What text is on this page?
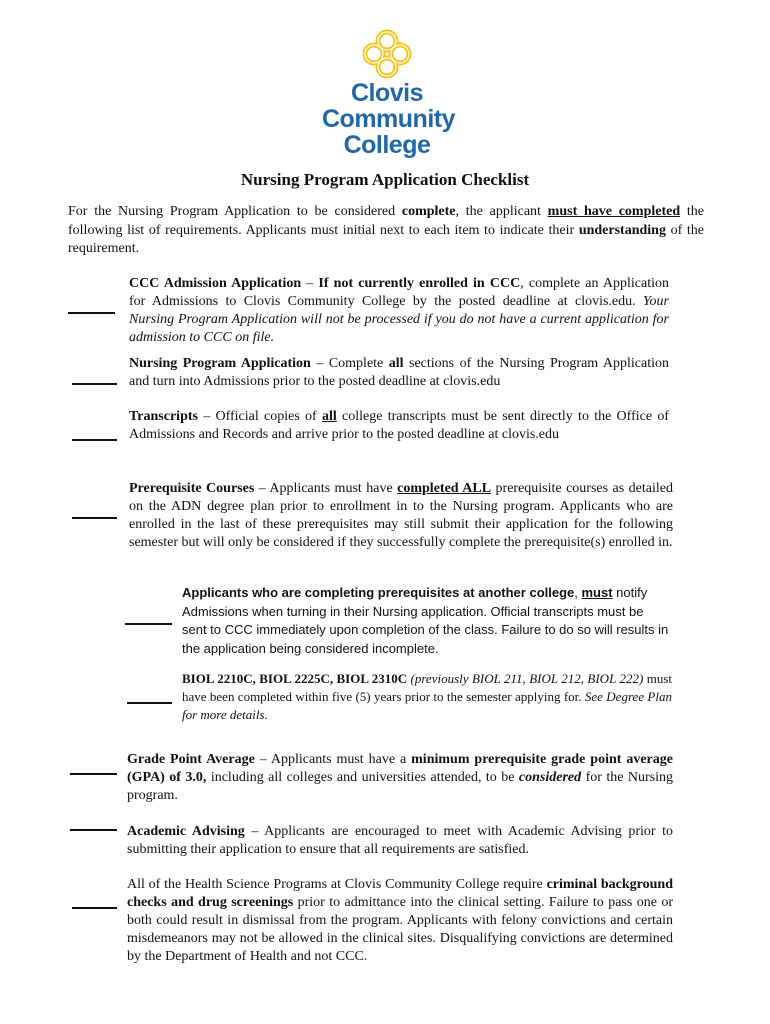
Clovis
Community
College
Nursing Program Application Checklist
For the Nursing Program Application to be considered complete, the applicant must have completed the following list of requirements. Applicants must initial next to each item to indicate their understanding of the requirement.
CCC Admission Application – If not currently enrolled in CCC, complete an Application for Admissions to Clovis Community College by the posted deadline at clovis.edu. Your Nursing Program Application will not be processed if you do not have a current application for admission to CCC on file.
Nursing Program Application – Complete all sections of the Nursing Program Application and turn into Admissions prior to the posted deadline at clovis.edu
Transcripts – Official copies of all college transcripts must be sent directly to the Office of Admissions and Records and arrive prior to the posted deadline at clovis.edu
Prerequisite Courses – Applicants must have completed ALL prerequisite courses as detailed on the ADN degree plan prior to enrollment in to the Nursing program. Applicants who are enrolled in the last of these prerequisites may still submit their application for the following semester but will only be considered if they successfully complete the prerequisite(s) enrolled in.
Applicants who are completing prerequisites at another college, must notify Admissions when turning in their Nursing application. Official transcripts must be sent to CCC immediately upon completion of the class. Failure to do so will results in the application being considered incomplete.
BIOL 2210C, BIOL 2225C, BIOL 2310C (previously BIOL 211, BIOL 212, BIOL 222) must have been completed within five (5) years prior to the semester applying for. See Degree Plan for more details.
Grade Point Average – Applicants must have a minimum prerequisite grade point average (GPA) of 3.0, including all colleges and universities attended, to be considered for the Nursing program.
Academic Advising – Applicants are encouraged to meet with Academic Advising prior to submitting their application to ensure that all requirements are satisfied.
All of the Health Science Programs at Clovis Community College require criminal background checks and drug screenings prior to admittance into the clinical setting. Failure to pass one or both could result in dismissal from the program. Applicants with felony convictions and certain misdemeanors may not be allowed in the clinical sites. Disqualifying convictions are determined by the Department of Health and not CCC.
